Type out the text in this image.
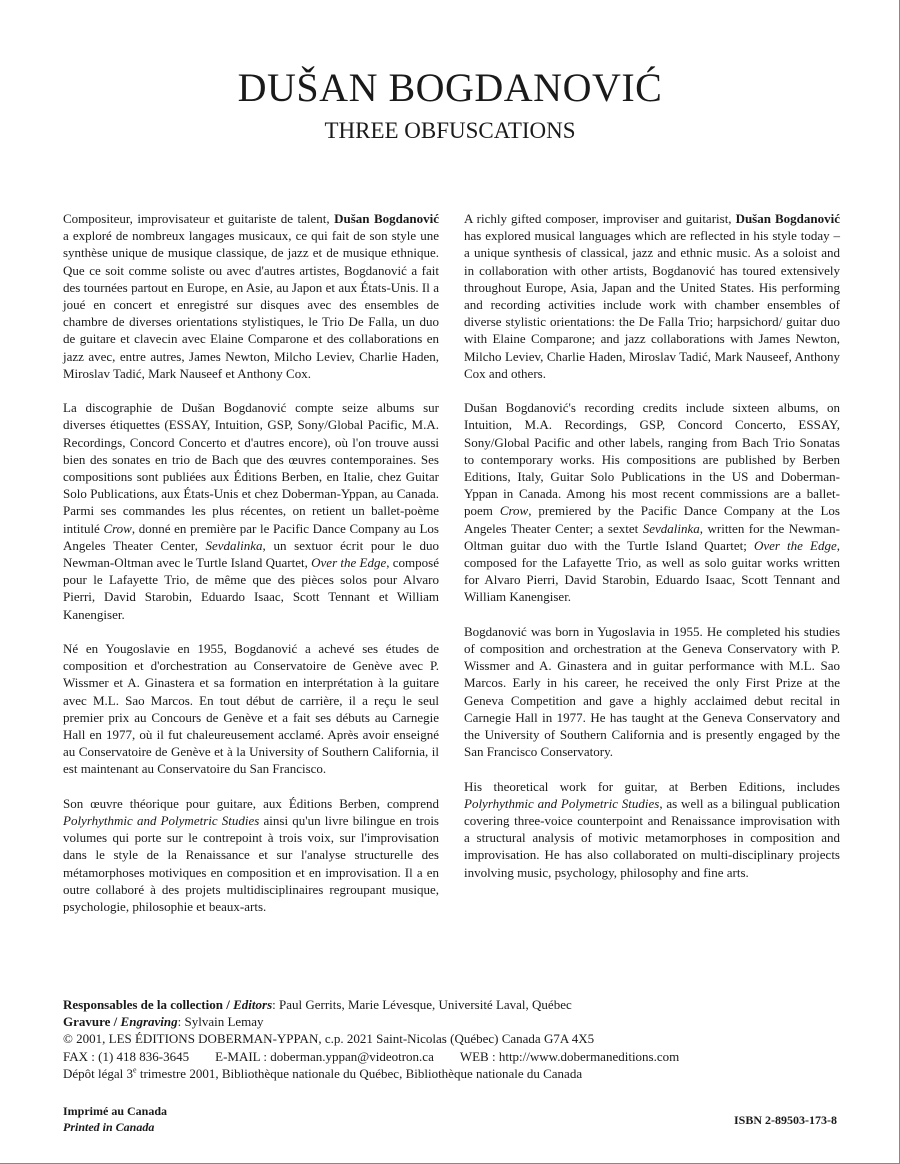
DUŠAN BOGDANOVIĆ
THREE OBFUSCATIONS

Compositeur, improvisateur et guitariste de talent, Dušan Bogdanović a exploré de nombreux langages musicaux, ce qui fait de son style une synthèse unique de musique classique, de jazz et de musique ethnique. Que ce soit comme soliste ou avec d'autres artistes, Bogdanović a fait des tournées partout en Europe, en Asie, au Japon et aux États-Unis. Il a joué en concert et enregistré sur disques avec des ensembles de chambre de diverses orientations stylistiques, le Trio De Falla, un duo de guitare et clavecin avec Elaine Comparone et des collaborations en jazz avec, entre autres, James Newton, Milcho Leviev, Charlie Haden, Miroslav Tadić, Mark Nauseef et Anthony Cox.

La discographie de Dušan Bogdanović compte seize albums sur diverses étiquettes (ESSAY, Intuition, GSP, Sony/Global Pacific, M.A. Recordings, Concord Concerto et d'autres encore), où l'on trouve aussi bien des sonates en trio de Bach que des œuvres contemporaines. Ses compositions sont publiées aux Éditions Berben, en Italie, chez Guitar Solo Publications, aux États-Unis et chez Doberman-Yppan, au Canada. Parmi ses commandes les plus récentes, on retient un ballet-poème intitulé Crow, donné en première par le Pacific Dance Company au Los Angeles Theater Center, Sevdalinka, un sextuor écrit pour le duo Newman-Oltman avec le Turtle Island Quartet, Over the Edge, composé pour le Lafayette Trio, de même que des pièces solos pour Alvaro Pierri, David Starobin, Eduardo Isaac, Scott Tennant et William Kanengiser.

Né en Yougoslavie en 1955, Bogdanović a achevé ses études de composition et d'orchestration au Conservatoire de Genève avec P. Wissmer et A. Ginastera et sa formation en interprétation à la guitare avec M.L. Sao Marcos. En tout début de carrière, il a reçu le seul premier prix au Concours de Genève et a fait ses débuts au Carnegie Hall en 1977, où il fut chaleureusement acclamé. Après avoir enseigné au Conservatoire de Genève et à la University of Southern California, il est maintenant au Conservatoire du San Francisco.

Son œuvre théorique pour guitare, aux Éditions Berben, comprend Polyrhythmic and Polymetric Studies ainsi qu'un livre bilingue en trois volumes qui porte sur le contrepoint à trois voix, sur l'improvisation dans le style de la Renaissance et sur l'analyse structurelle des métamorphoses motiviques en composition et en improvisation. Il a en outre collaboré à des projets multidisciplinaires regroupant musique, psychologie, philosophie et beaux-arts.

A richly gifted composer, improviser and guitarist, Dušan Bogdanović has explored musical languages which are reflected in his style today – a unique synthesis of classical, jazz and ethnic music. As a soloist and in collaboration with other artists, Bogdanović has toured extensively throughout Europe, Asia, Japan and the United States. His performing and recording activities include work with chamber ensembles of diverse stylistic orientations: the De Falla Trio; harpsichord/ guitar duo with Elaine Comparone; and jazz collaborations with James Newton, Milcho Leviev, Charlie Haden, Miroslav Tadić, Mark Nauseef, Anthony Cox and others.

Dušan Bogdanović's recording credits include sixteen albums, on Intuition, M.A. Recordings, GSP, Concord Concerto, ESSAY, Sony/Global Pacific and other labels, ranging from Bach Trio Sonatas to contemporary works. His compositions are published by Berben Editions, Italy, Guitar Solo Publications in the US and Doberman-Yppan in Canada. Among his most recent commissions are a ballet-poem Crow, premiered by the Pacific Dance Company at the Los Angeles Theater Center; a sextet Sevdalinka, written for the Newman-Oltman guitar duo with the Turtle Island Quartet; Over the Edge, composed for the Lafayette Trio, as well as solo guitar works written for Alvaro Pierri, David Starobin, Eduardo Isaac, Scott Tennant and William Kanengiser.

Bogdanović was born in Yugoslavia in 1955. He completed his studies of composition and orchestration at the Geneva Conservatory with P. Wissmer and A. Ginastera and in guitar performance with M.L. Sao Marcos. Early in his career, he received the only First Prize at the Geneva Competition and gave a highly acclaimed debut recital in Carnegie Hall in 1977. He has taught at the Geneva Conservatory and the University of Southern California and is presently engaged by the San Francisco Conservatory.

His theoretical work for guitar, at Berben Editions, includes Polyrhythmic and Polymetric Studies, as well as a bilingual publication covering three-voice counterpoint and Renaissance improvisation with a structural analysis of motivic metamorphoses in composition and improvisation. He has also collaborated on multi-disciplinary projects involving music, psychology, philosophy and fine arts.

Responsables de la collection / Editors: Paul Gerrits, Marie Lévesque, Université Laval, Québec
Gravure / Engraving: Sylvain Lemay
© 2001, LES ÉDITIONS DOBERMAN-YPPAN, c.p. 2021 Saint-Nicolas (Québec) Canada G7A 4X5
FAX : (1) 418 836-3645 E-MAIL : doberman.yppan@videotron.ca WEB : http://www.dobermaneditions.com
Dépôt légal 3e trimestre 2001, Bibliothèque nationale du Québec, Bibliothèque nationale du Canada
Imprimé au Canada
Printed in Canada	ISBN 2-89503-173-8
